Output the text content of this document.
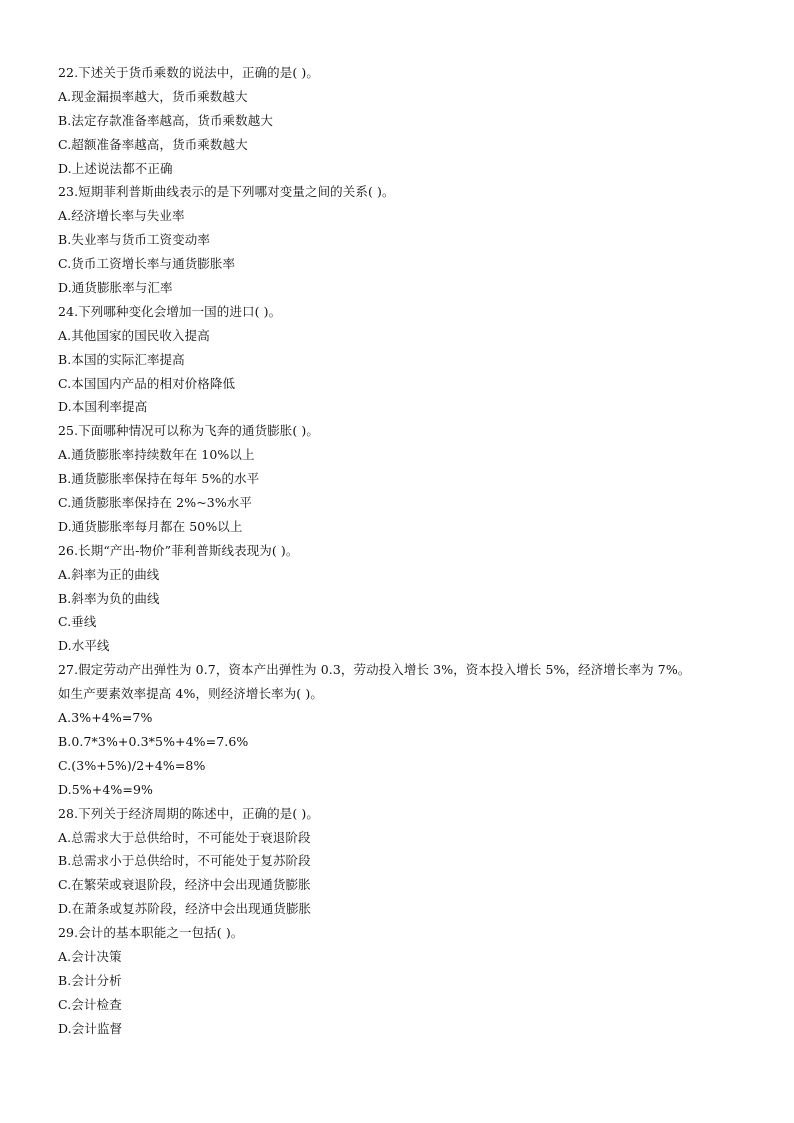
22.下述关于货币乘数的说法中，正确的是( )。
A.现金漏损率越大，货币乘数越大
B.法定存款准备率越高，货币乘数越大
C.超额准备率越高，货币乘数越大
D.上述说法都不正确
23.短期菲利普斯曲线表示的是下列哪对变量之间的关系( )。
A.经济增长率与失业率
B.失业率与货币工资变动率
C.货币工资增长率与通货膨胀率
D.通货膨胀率与汇率
24.下列哪种变化会增加一国的进口( )。
A.其他国家的国民收入提高
B.本国的实际汇率提高
C.本国国内产品的相对价格降低
D.本国利率提高
25.下面哪种情况可以称为飞奔的通货膨胀( )。
A.通货膨胀率持续数年在 10%以上
B.通货膨胀率保持在每年 5%的水平
C.通货膨胀率保持在 2%~3%水平
D.通货膨胀率每月都在 50%以上
26.长期“产出-物价”菲利普斯线表现为( )。
A.斜率为正的曲线
B.斜率为负的曲线
C.垂线
D.水平线
27.假定劳动产出弹性为 0.7，资本产出弹性为 0.3，劳动投入增长 3%，资本投入增长 5%，经济增长率为 7%。
如生产要素效率提高 4%，则经济增长率为( )。
A.3%+4%=7%
B.0.7*3%+0.3*5%+4%=7.6%
C.(3%+5%)/2+4%=8%
D.5%+4%=9%
28.下列关于经济周期的陈述中，正确的是( )。
A.总需求大于总供给时，不可能处于衰退阶段
B.总需求小于总供给时，不可能处于复苏阶段
C.在繁荣或衰退阶段，经济中会出现通货膨胀
D.在萧条或复苏阶段，经济中会出现通货膨胀
29.会计的基本职能之一包括( )。
A.会计决策
B.会计分析
C.会计检查
D.会计监督
